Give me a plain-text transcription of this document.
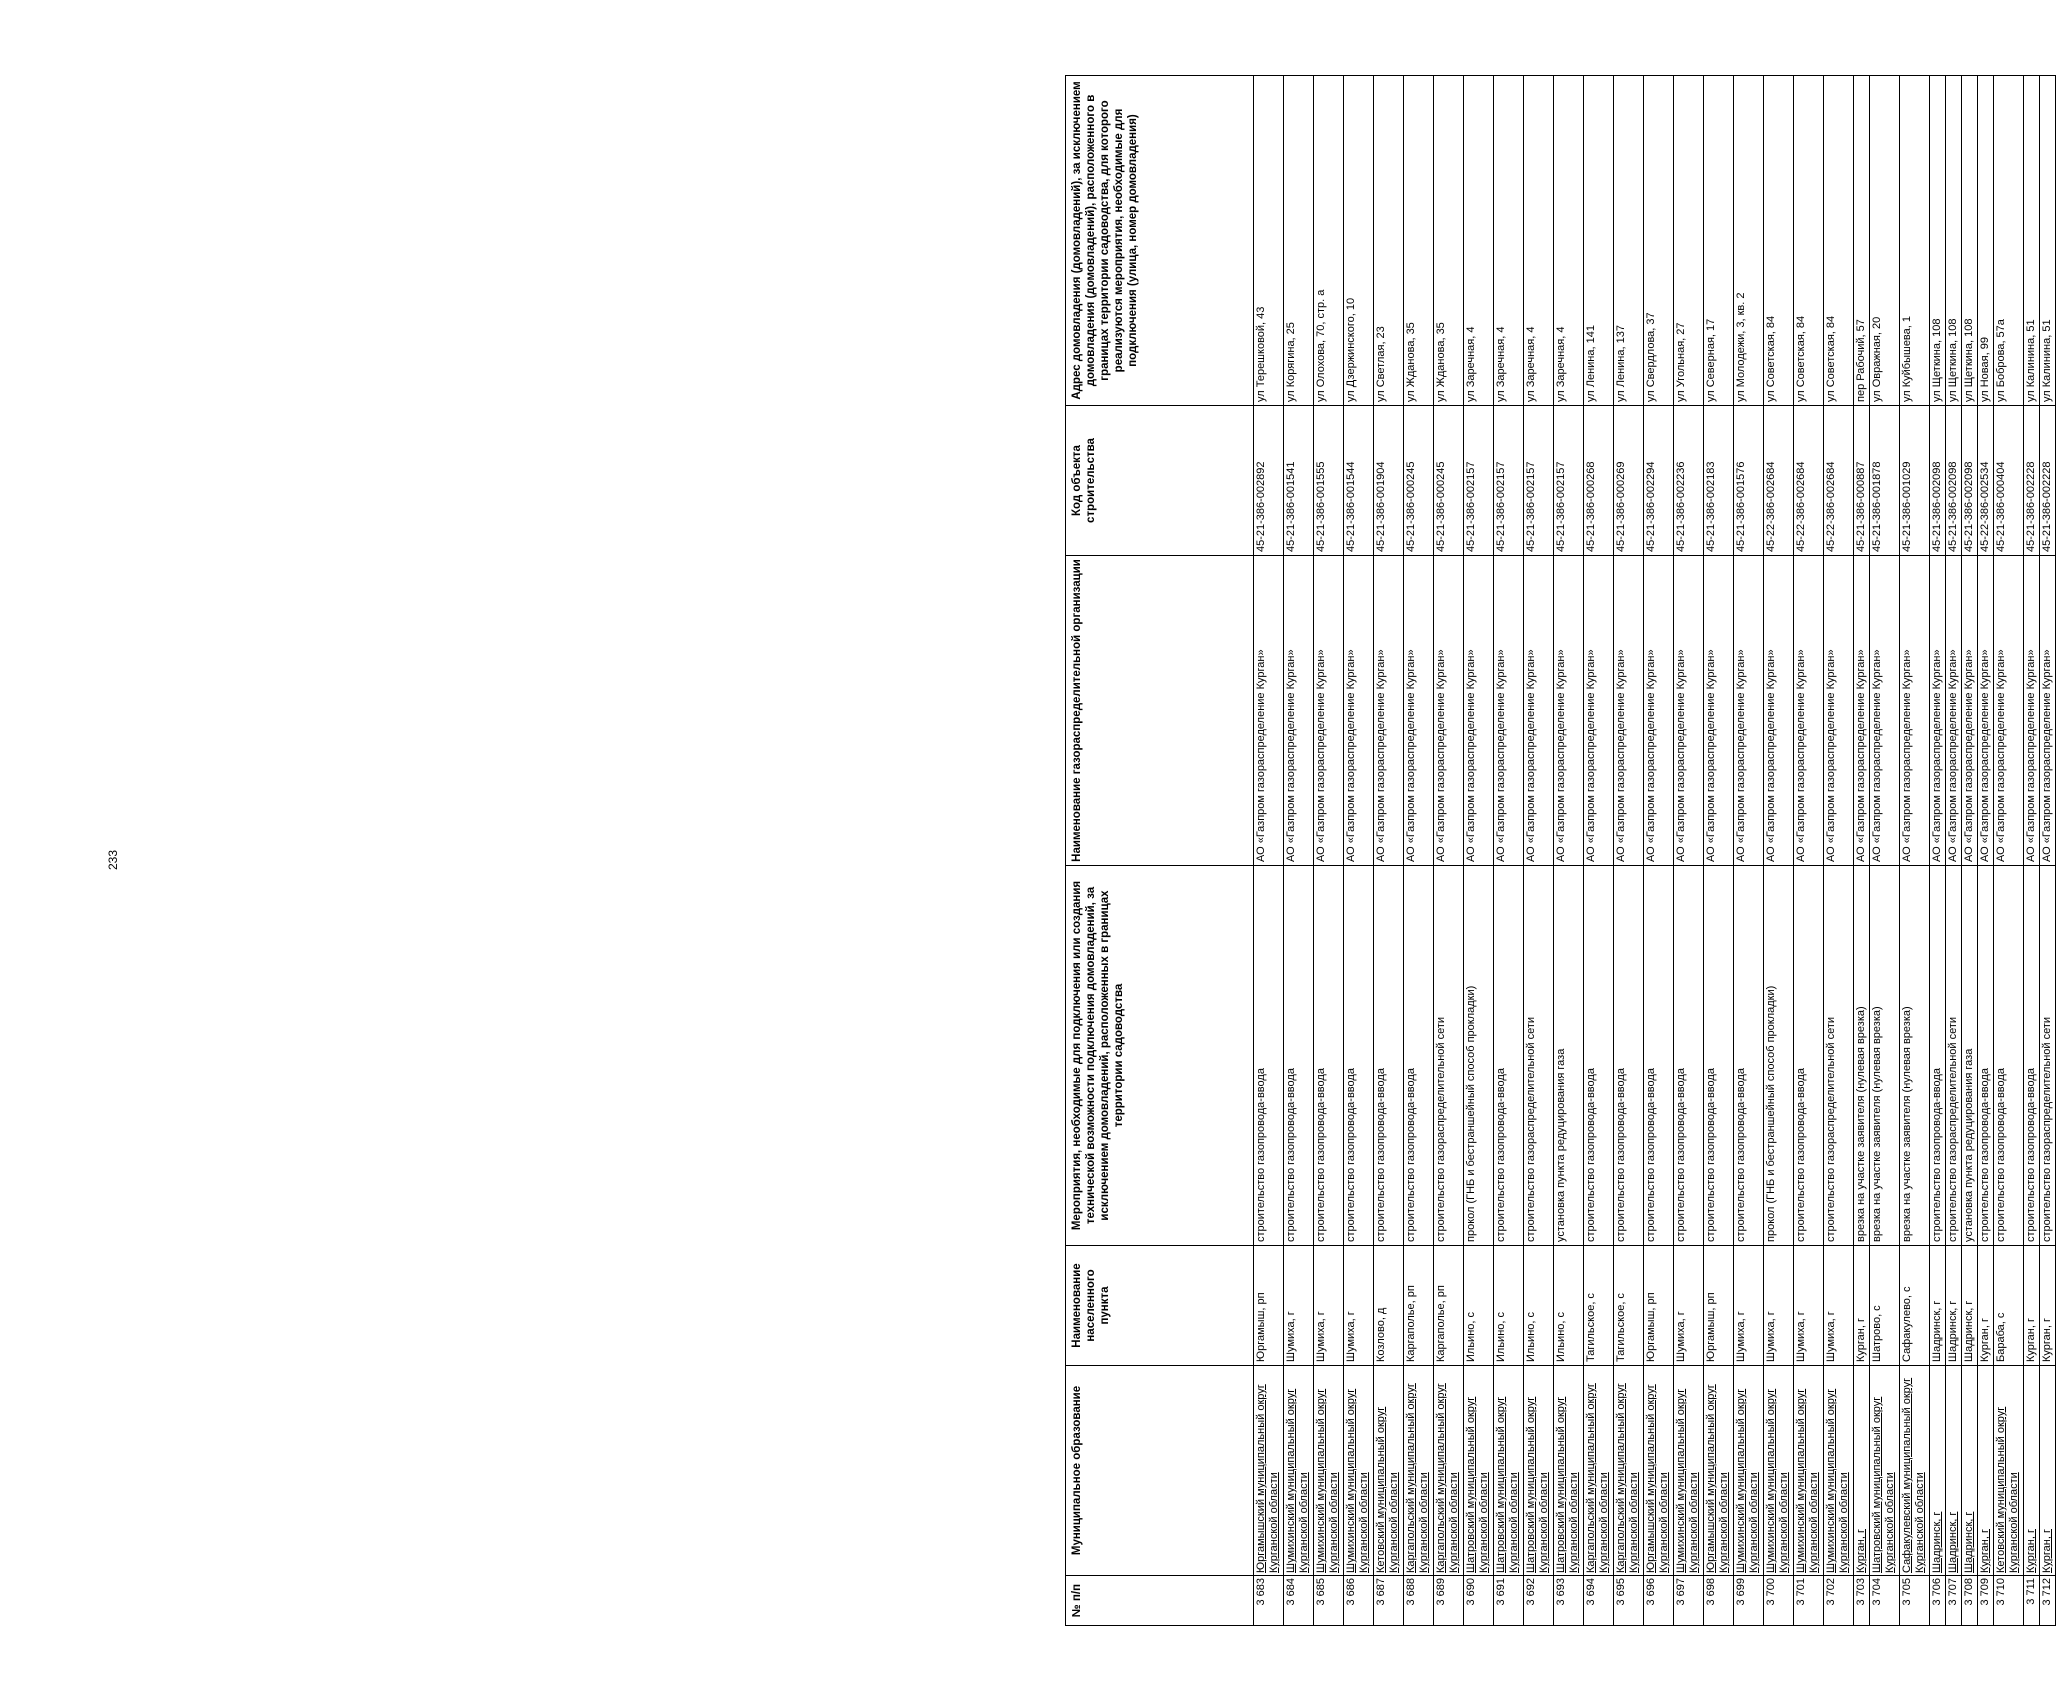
233
№ п/п	Муниципальное образование	Наименование населенного пункта	Мероприятия, необходимые для подключения или создания технической возможности подключения домовладений, за исключением домовладений, расположенных в границах территории садоводства	Наименование газораспределительной организации	Код объекта строительства	Адрес домовладения (домовладений), за исключением домовладения (домовладений), расположенного в границах территории садоводства, для которого реализуются мероприятия, необходимые для подключения (улица, номер домовладения)
3 683	Юргамышский муниципальный округ Курганской области	Юргамыш, рп	строительство газопровода-ввода	АО «Газпром газораспределение Курган»	45-21-386-002892	ул Терешковой, 43
3 684	Шумихинский муниципальный округ Курганской области	Шумиха, г	строительство газопровода-ввода	АО «Газпром газораспределение Курган»	45-21-386-001541	ул Корягина, 25
3 685	Шумихинский муниципальный округ Курганской области	Шумиха, г	строительство газопровода-ввода	АО «Газпром газораспределение Курган»	45-21-386-001555	ул Олохова, 70, стр. а
3 686	Шумихинский муниципальный округ Курганской области	Шумиха, г	строительство газопровода-ввода	АО «Газпром газораспределение Курган»	45-21-386-001544	ул Дзержинского, 10
3 687	Кетовский муниципальный округ Курганской области	Козлово, д	строительство газопровода-ввода	АО «Газпром газораспределение Курган»	45-21-386-001904	ул Светлая, 23
3 688	Каргапольский муниципальный округ Курганской области	Каргаполье, рп	строительство газопровода-ввода	АО «Газпром газораспределение Курган»	45-21-386-000245	ул Жданова, 35
3 689	Каргапольский муниципальный округ Курганской области	Каргаполье, рп	строительство газораспределительной сети	АО «Газпром газораспределение Курган»	45-21-386-000245	ул Жданова, 35
3 690	Шатровский муниципальный округ Курганской области	Ильино, с	прокол (ГНБ и бестраншейный способ прокладки)	АО «Газпром газораспределение Курган»	45-21-386-002157	ул Заречная, 4
3 691	Шатровский муниципальный округ Курганской области	Ильино, с	строительство газопровода-ввода	АО «Газпром газораспределение Курган»	45-21-386-002157	ул Заречная, 4
3 692	Шатровский муниципальный округ Курганской области	Ильино, с	строительство газораспределительной сети	АО «Газпром газораспределение Курган»	45-21-386-002157	ул Заречная, 4
3 693	Шатровский муниципальный округ Курганской области	Ильино, с	установка пункта редуцирования газа	АО «Газпром газораспределение Курган»	45-21-386-002157	ул Заречная, 4
3 694	Каргапольский муниципальный округ Курганской области	Тагильское, с	строительство газопровода-ввода	АО «Газпром газораспределение Курган»	45-21-386-000268	ул Ленина, 141
3 695	Каргапольский муниципальный округ Курганской области	Тагильское, с	строительство газопровода-ввода	АО «Газпром газораспределение Курган»	45-21-386-000269	ул Ленина, 137
3 696	Юргамышский муниципальный округ Курганской области	Юргамыш, рп	строительство газопровода-ввода	АО «Газпром газораспределение Курган»	45-21-386-002294	ул Свердлова, 37
3 697	Шумихинский муниципальный округ Курганской области	Шумиха, г	строительство газопровода-ввода	АО «Газпром газораспределение Курган»	45-21-386-002236	ул Угольная, 27
3 698	Юргамышский муниципальный округ Курганской области	Юргамыш, рп	строительство газопровода-ввода	АО «Газпром газораспределение Курган»	45-21-386-002183	ул Северная, 17
3 699	Шумихинский муниципальный округ Курганской области	Шумиха, г	строительство газопровода-ввода	АО «Газпром газораспределение Курган»	45-21-386-001576	ул Молодежи, 3, кв. 2
3 700	Шумихинский муниципальный округ Курганской области	Шумиха, г	прокол (ГНБ и бестраншейный способ прокладки)	АО «Газпром газораспределение Курган»	45-22-386-002684	ул Советская, 84
3 701	Шумихинский муниципальный округ Курганской области	Шумиха, г	строительство газопровода-ввода	АО «Газпром газораспределение Курган»	45-22-386-002684	ул Советская, 84
3 702	Шумихинский муниципальный округ Курганской области	Шумиха, г	строительство газораспределительной сети	АО «Газпром газораспределение Курган»	45-22-386-002684	ул Советская, 84
3 703	Курган, г	Курган, г	врезка на участке заявителя (нулевая врезка)	АО «Газпром газораспределение Курган»	45-21-386-000887	пер Рабочий, 57
3 704	Шатровский муниципальный округ Курганской области	Шатрово, с	врезка на участке заявителя (нулевая врезка)	АО «Газпром газораспределение Курган»	45-21-386-001878	ул Овражная, 20
3 705	Сафакулевский муниципальный округ Курганской области	Сафакулево, с	врезка на участке заявителя (нулевая врезка)	АО «Газпром газораспределение Курган»	45-21-386-001029	ул Куйбышева, 1
3 706	Шадринск, г	Шадринск, г	строительство газопровода-ввода	АО «Газпром газораспределение Курган»	45-21-386-002098	ул Щеткина, 108
3 707	Шадринск, г	Шадринск, г	строительство газораспределительной сети	АО «Газпром газораспределение Курган»	45-21-386-002098	ул Щеткина, 108
3 708	Шадринск, г	Шадринск, г	установка пункта редуцирования газа	АО «Газпром газораспределение Курган»	45-21-386-002098	ул Щеткина, 108
3 709	Курган, г	Курган, г	строительство газопровода-ввода	АО «Газпром газораспределение Курган»	45-22-386-002534	ул Новая, 99
3 710	Кетовский муниципальный округ Курганской области	Бараба, с	строительство газопровода-ввода	АО «Газпром газораспределение Курган»	45-21-386-000404	ул Боброва, 57а
3 711	Курган, г	Курган, г	строительство газопровода-ввода	АО «Газпром газораспределение Курган»	45-21-386-002228	ул Калинина, 51
3 712	Курган, г	Курган, г	строительство газораспределительной сети	АО «Газпром газораспределение Курган»	45-21-386-002228	ул Калинина, 51
